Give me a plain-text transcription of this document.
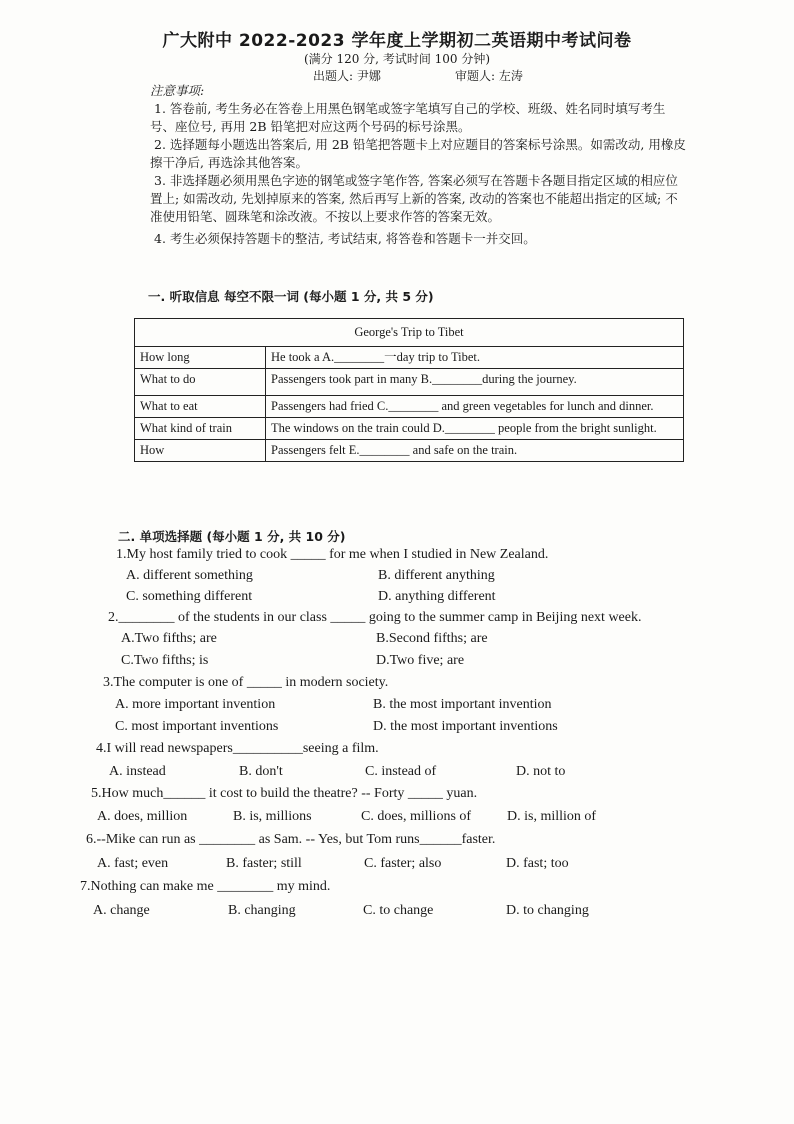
广大附中 2022-2023 学年度上学期初二英语期中考试问卷
(满分 120 分, 考试时间 100 分钟)
出题人: 尹娜	审题人: 左涛
注意事项:

1. 答卷前, 考生务必在答卷上用黑色钢笔或签字笔填写自己的学校、班级、姓名同时填写考生号、座位号, 再用 2B 铅笔把对应这两个号码的标号涂黑。

2. 选择题每小题选出答案后, 用 2B 铅笔把答题卡上对应题目的答案标号涂黑。如需改动, 用橡皮擦干净后, 再选涂其他答案。

3. 非选择题必须用黑色字迹的钢笔或签字笔作答, 答案必须写在答题卡各题目指定区域的相应位置上; 如需改动, 先划掉原来的答案, 然后再写上新的答案, 改动的答案也不能超出指定的区域; 不准使用铅笔、圆珠笔和涂改液。不按以上要求作答的答案无效。

4. 考生必须保持答题卡的整洁, 考试结束, 将答卷和答题卡一并交回。

一. 听取信息 每空不限一词 (每小题 1 分, 共 5 分)
George's Trip to Tibet	
How long	He took a A.________一day trip to Tibet.
What to do	Passengers took part in many B.________during the journey.
What to eat	Passengers had fried C.________ and green vegetables for lunch and dinner.
What kind of train	The windows on the train could D.________ people from the bright sunlight.
How	Passengers felt E.________ and safe on the train.
二. 单项选择题 (每小题 1 分, 共 10 分)
1.My host family tried to cook _____ for me when I studied in New Zealand.
A. different something	B. different anything
C. something different	D. anything different
2.________ of the students in our class _____ going to the summer camp in Beijing next week.
A.Two fifths; are	B.Second fifths; are
C.Two fifths; is	D.Two five; are
3.The computer is one of _____ in modern society.
A. more important invention	B. the most important invention
C. most important inventions	D. the most important inventions
4.I will read newspapers__________seeing a film.
A. instead	B. don't	C. instead of	D. not to
5.How much______ it cost to build the theatre? -- Forty _____ yuan.
A. does, million	B. is, millions	C. does, millions of	D. is, million of
6.--Mike can run as ________ as Sam. -- Yes, but Tom runs______faster.
A. fast; even	B. faster; still	C. faster; also	D. fast; too
7.Nothing can make me ________ my mind.
A. change	B. changing	C. to change	D. to changing
